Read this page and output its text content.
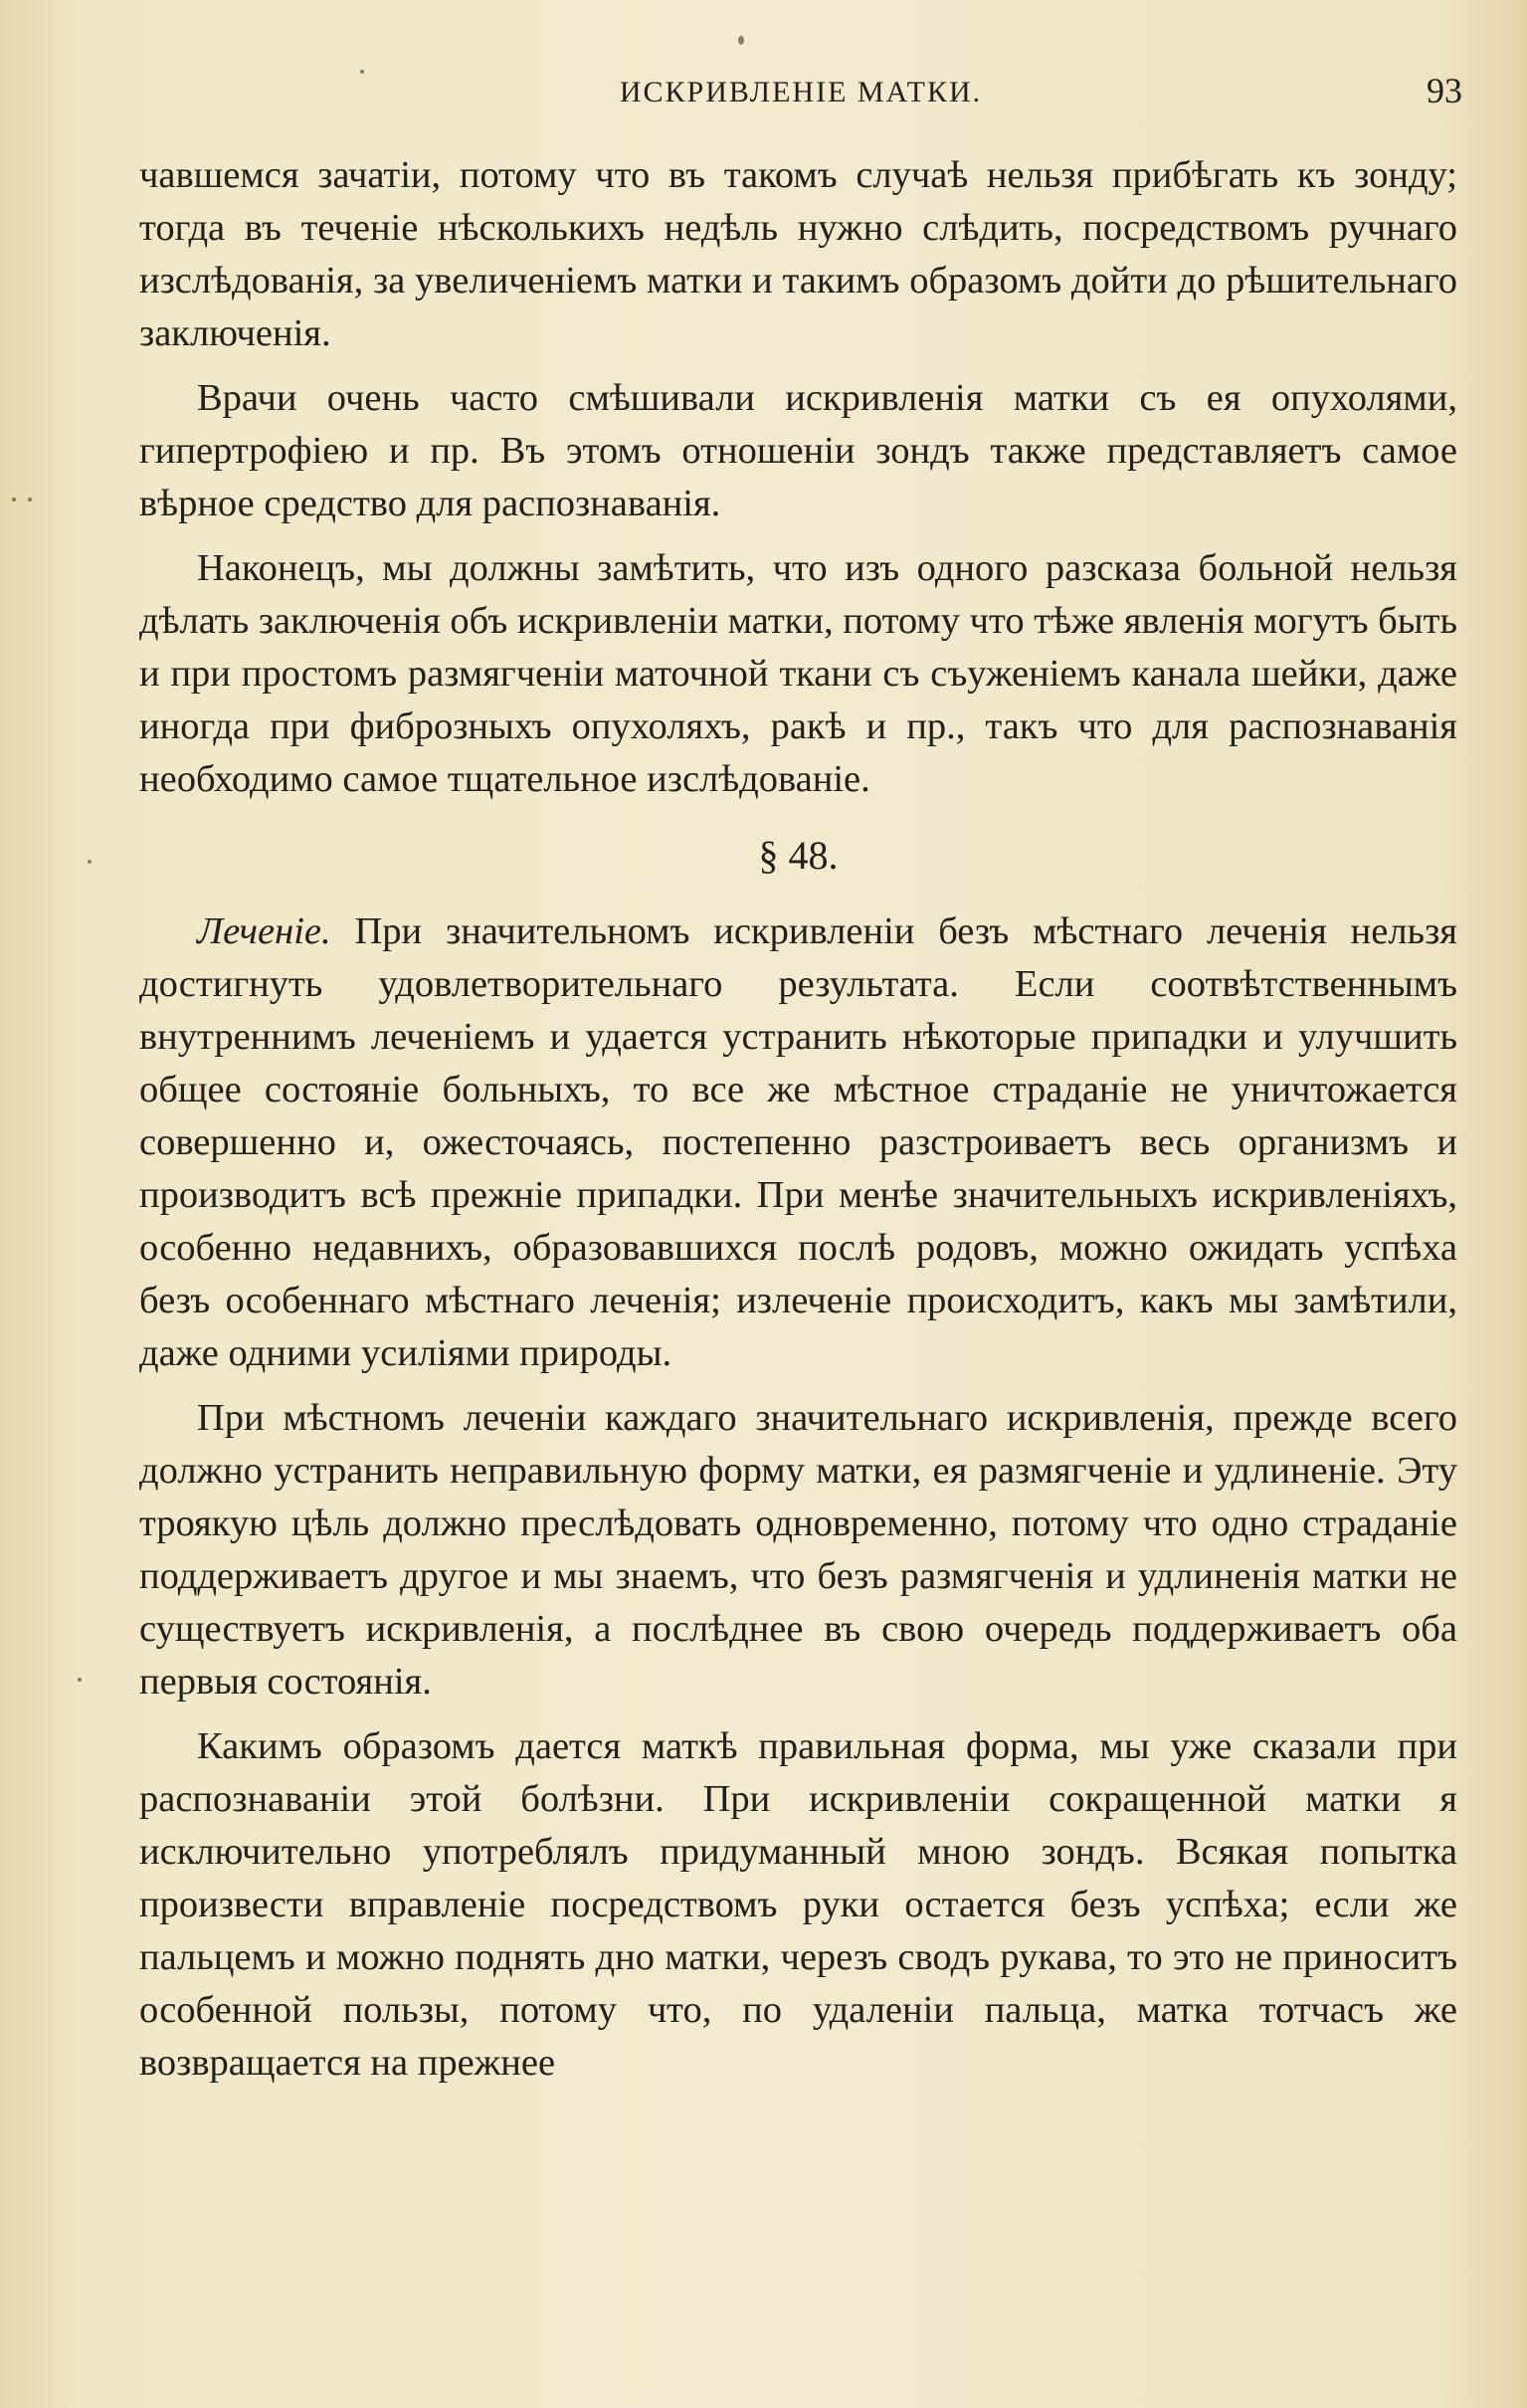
ИСКРИВЛЕНІЕ МАТКИ.	93

чавшемся зачатіи, потому что въ такомъ случаѣ нельзя прибѣгать къ зонду; тогда въ теченіе нѣсколькихъ недѣль нужно слѣдить, посредствомъ ручнаго изслѣдованія, за увеличеніемъ матки и такимъ образомъ дойти до рѣшительнаго заключенія.

Врачи очень часто смѣшивали искривленія матки съ ея опухолями, гипертрофіею и пр. Въ этомъ отношеніи зондъ также представляетъ самое вѣрное средство для распознаванія.

Наконецъ, мы должны замѣтить, что изъ одного разсказа больной нельзя дѣлать заключенія объ искривленіи матки, потому что тѣже явленія могутъ быть и при простомъ размягченіи маточной ткани съ съуженіемъ канала шейки, даже иногда при фиброзныхъ опухоляхъ, ракѣ и пр., такъ что для распознаванія необходимо самое тщательное изслѣдованіе.

§ 48.

Леченіе. При значительномъ искривленіи безъ мѣстнаго леченія нельзя достигнуть удовлетворительнаго результата. Если соотвѣтственнымъ внутреннимъ леченіемъ и удается устранить нѣкоторые припадки и улучшить общее состояніе больныхъ, то все же мѣстное страданіе не уничтожается совершенно и, ожесточаясь, постепенно разстроиваетъ весь организмъ и производитъ всѣ прежніе припадки. При менѣе значительныхъ искривленіяхъ, особенно недавнихъ, образовавшихся послѣ родовъ, можно ожидать успѣха безъ особеннаго мѣстнаго леченія; излеченіе происходитъ, какъ мы замѣтили, даже одними усиліями природы.

При мѣстномъ леченіи каждаго значительнаго искривленія, прежде всего должно устранить неправильную форму матки, ея размягченіе и удлиненіе. Эту троякую цѣль должно преслѣдовать одновременно, потому что одно страданіе поддерживаетъ другое и мы знаемъ, что безъ размягченія и удлиненія матки не существуетъ искривленія, а послѣднее въ свою очередь поддерживаетъ оба первыя состоянія.

Какимъ образомъ дается маткѣ правильная форма, мы уже сказали при распознаваніи этой болѣзни. При искривленіи сокращенной матки я исключительно употреблялъ придуманный мною зондъ. Всякая попытка произвести вправленіе посредствомъ руки остается безъ успѣха; если же пальцемъ и можно поднять дно матки, черезъ сводъ рукава, то это не приноситъ особенной пользы, потому что, по удаленіи пальца, матка тотчасъ же возвращается на прежнее
